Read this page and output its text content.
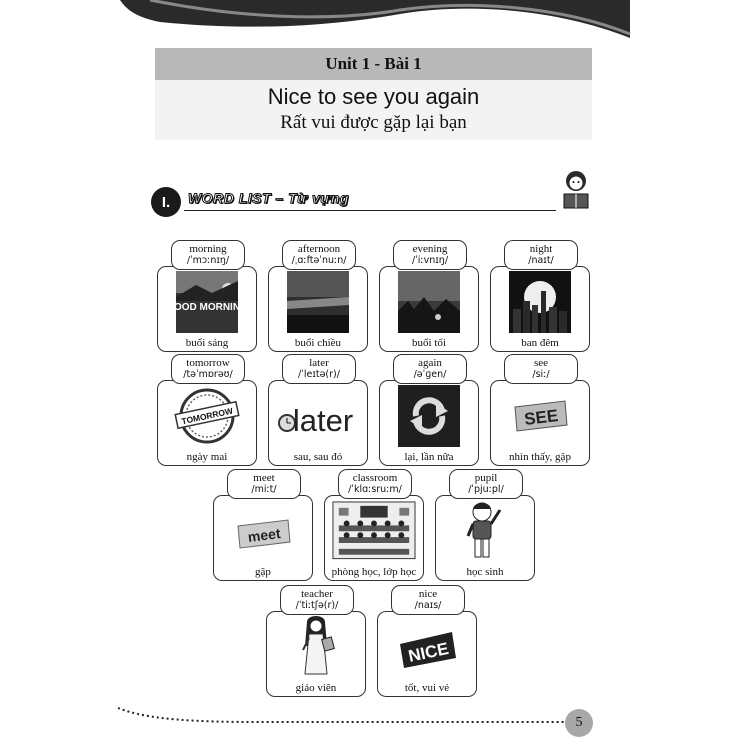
Unit 1 - Bài 1
Nice to see you again
Rất vui được gặp lại bạn
I.	WORD LIST – Từ vựng
morning
/ˈmɔːnɪŋ/
GOOD MORNING
buổi sáng
afternoon
/ˌɑːftəˈnuːn/
buổi chiều
evening
/ˈiːvnɪŋ/
buổi tối
night
/naɪt/
ban đêm
tomorrow
/təˈmɒrəʊ/
TOMORROW
ngày mai
later
/ˈleɪtə(r)/
later
sau, sau đó
again
/əˈɡen/
lại, lần nữa
see
/siː/
SEE
nhìn thấy, gặp
meet
/miːt/
meet
gặp
classroom
/ˈklɑːsruːm/
phòng học, lớp học
pupil
/ˈpjuːpl/
học sinh
teacher
/ˈtiːtʃə(r)/
giáo viên
nice
/naɪs/
NICE
tốt, vui vẻ
5
